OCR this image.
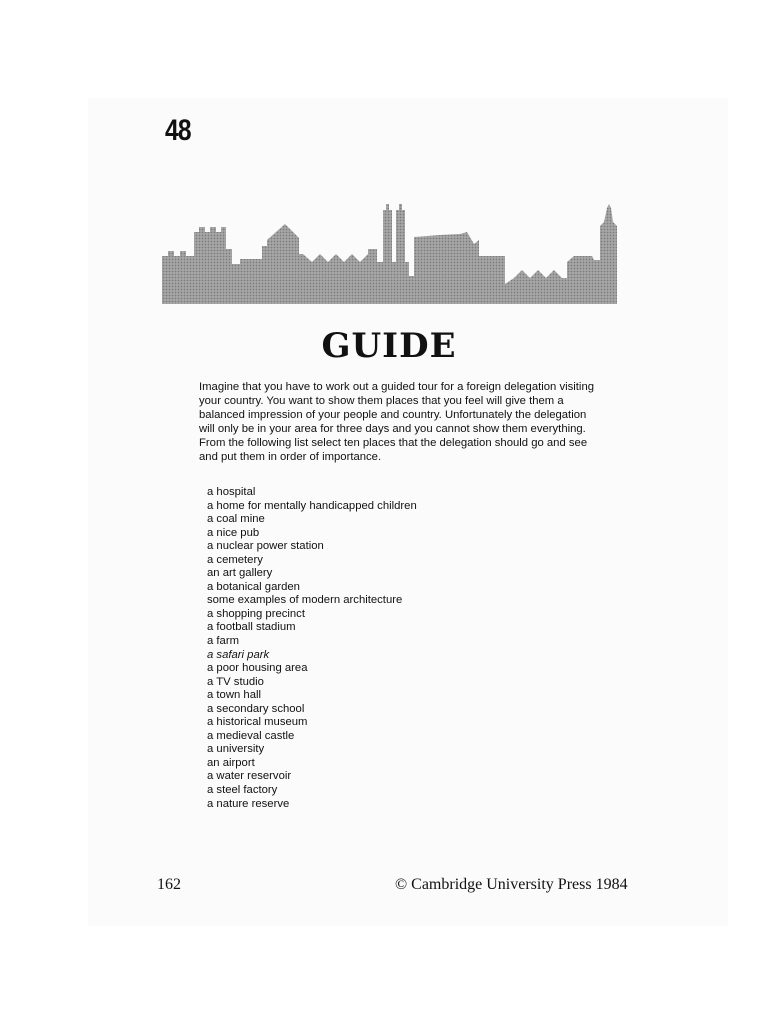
48
GUIDE

Imagine that you have to work out a guided tour for a foreign delegation visiting your country. You want to show them places that you feel will give them a balanced impression of your people and country. Unfortunately the delegation will only be in your area for three days and you cannot show them everything. From the following list select ten places that the delegation should go and see and put them in order of importance.

a hospital
a home for mentally handicapped children
a coal mine
a nice pub
a nuclear power station
a cemetery
an art gallery
a botanical garden
some examples of modern architecture
a shopping precinct
a football stadium
a farm
a safari park
a poor housing area
a TV studio
a town hall
a secondary school
a historical museum
a medieval castle
a university
an airport
a water reservoir
a steel factory
a nature reserve
162	© Cambridge University Press 1984
